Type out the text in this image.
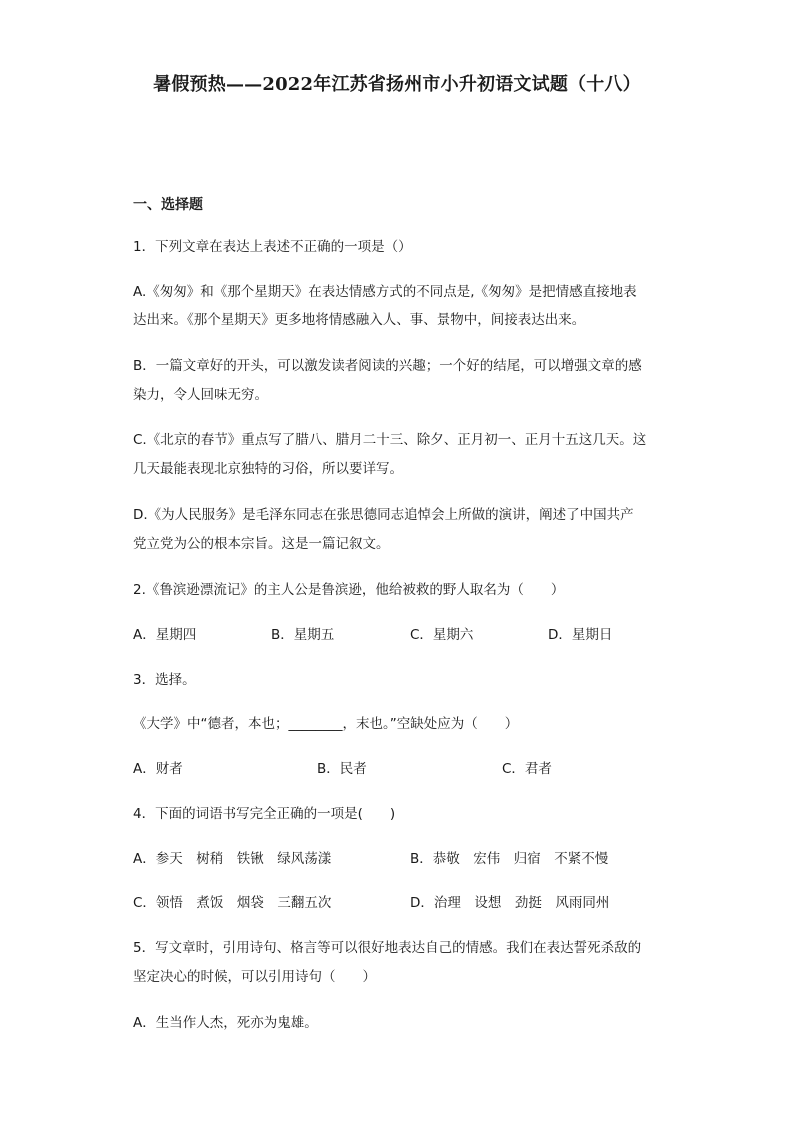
暑假预热——2022年江苏省扬州市小升初语文试题（十八）
一、选择题
1．下列文章在表达上表述不正确的一项是（）
A.《匆匆》和《那个星期天》在表达情感方式的不同点是,《匆匆》是把情感直接地表
达出来。《那个星期天》更多地将情感融入人、事、景物中，间接表达出来。
B．一篇文章好的开头，可以激发读者阅读的兴趣；一个好的结尾，可以增强文章的感
染力，令人回味无穷。
C.《北京的春节》重点写了腊八、腊月二十三、除夕、正月初一、正月十五这几天。这
几天最能表现北京独特的习俗，所以要详写。
D.《为人民服务》是毛泽东同志在张思德同志追悼会上所做的演讲，阐述了中国共产
党立党为公的根本宗旨。这是一篇记叙文。
2.《鲁滨逊漂流记》的主人公是鲁滨逊，他给被救的野人取名为（　　）
A．星期四	B．星期五	C．星期六	D．星期日
3．选择。
《大学》中“德者，本也；________，末也。”空缺处应为（　　）
A．财者	B．民者	C．君者
4．下面的词语书写完全正确的一项是(　　)
A．参天　树稍　铁锹　绿风荡漾	B．恭敬　宏伟　归宿　不紧不慢
C．领悟　煮饭　烟袋　三翻五次	D．治理　设想　劲挺　风雨同州
5．写文章时，引用诗句、格言等可以很好地表达自己的情感。我们在表达誓死杀敌的
坚定决心的时候，可以引用诗句（　　）
A．生当作人杰，死亦为鬼雄。
